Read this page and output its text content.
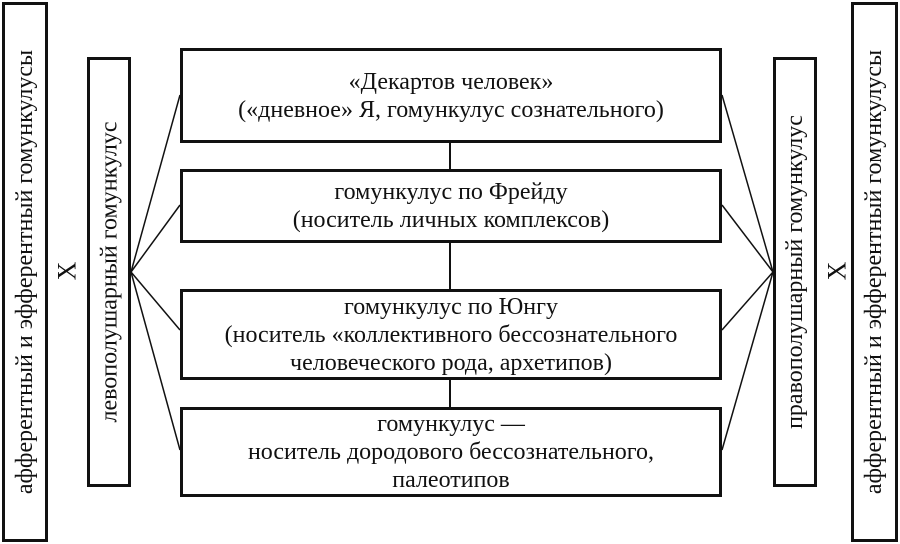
афферентный и эфферентный гомункулусы X левополушарный гомункулус
«Декартов человек»
(«дневное» Я, гомункулус сознательного)
гомункулус по Фрейду
(носитель личных комплексов)
гомункулус по Юнгу
(носитель «коллективного бессознательного
человеческого рода, архетипов)
гомункулус —
носитель дородового бессознательного,
палеотипов
правополушарный гомункулус X афферентный и эфферентный гомункулусы
